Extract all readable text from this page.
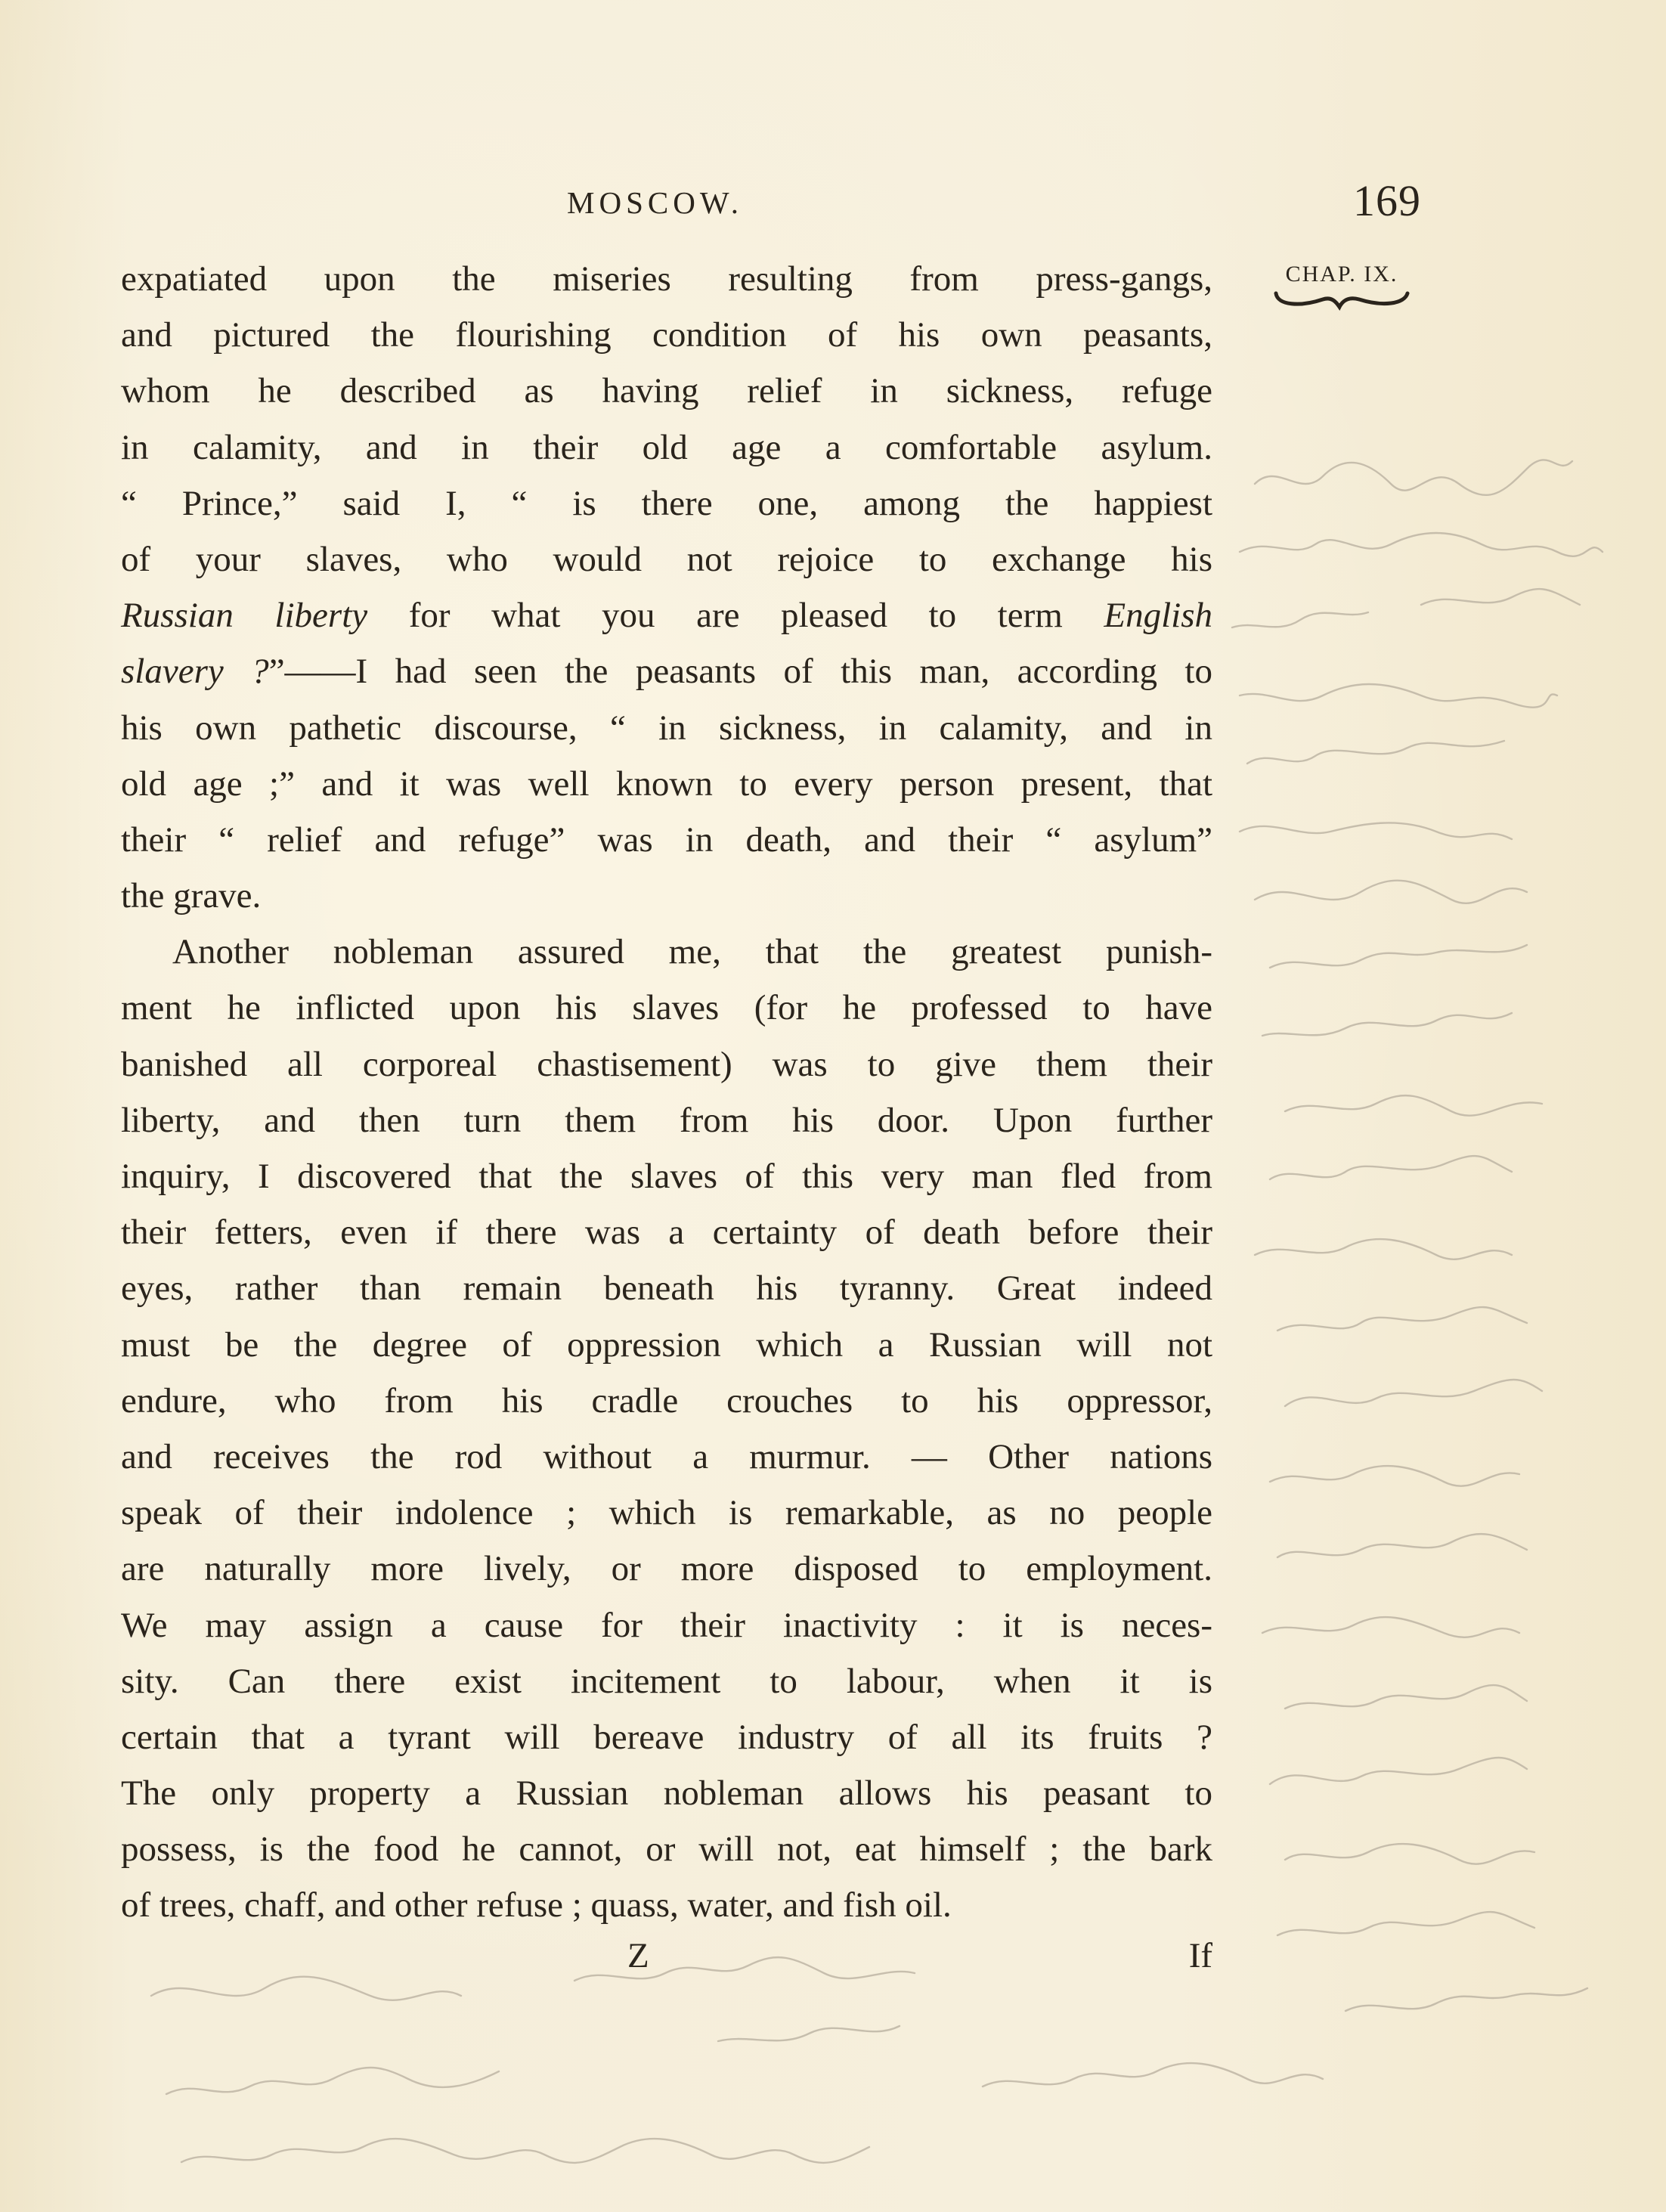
MOSCOW.	169
CHAP. IX.
expatiated upon the miseries resulting from press-gangs,
and pictured the flourishing condition of his own peasants,
whom he described as having relief in sickness, refuge
in calamity, and in their old age a comfortable asylum.
“ Prince,” said I, “ is there one, among the happiest
of your slaves, who would not rejoice to exchange his
Russian liberty for what you are pleased to term English
slavery ?”——I had seen the peasants of this man, according to
his own pathetic discourse, “ in sickness, in calamity, and in
old age ;” and it was well known to every person present, that
their “ relief and refuge” was in death, and their “ asylum”
the grave.
Another nobleman assured me, that the greatest punish-
ment he inflicted upon his slaves (for he professed to have
banished all corporeal chastisement) was to give them their
liberty, and then turn them from his door. Upon further
inquiry, I discovered that the slaves of this very man fled from
their fetters, even if there was a certainty of death before their
eyes, rather than remain beneath his tyranny. Great indeed
must be the degree of oppression which a Russian will not
endure, who from his cradle crouches to his oppressor,
and receives the rod without a murmur. — Other nations
speak of their indolence ; which is remarkable, as no people
are naturally more lively, or more disposed to employment.
We may assign a cause for their inactivity : it is neces-
sity. Can there exist incitement to labour, when it is
certain that a tyrant will bereave industry of all its fruits ?
The only property a Russian nobleman allows his peasant to
possess, is the food he cannot, or will not, eat himself ; the bark
of trees, chaff, and other refuse ; quass, water, and fish oil.
Z	If
